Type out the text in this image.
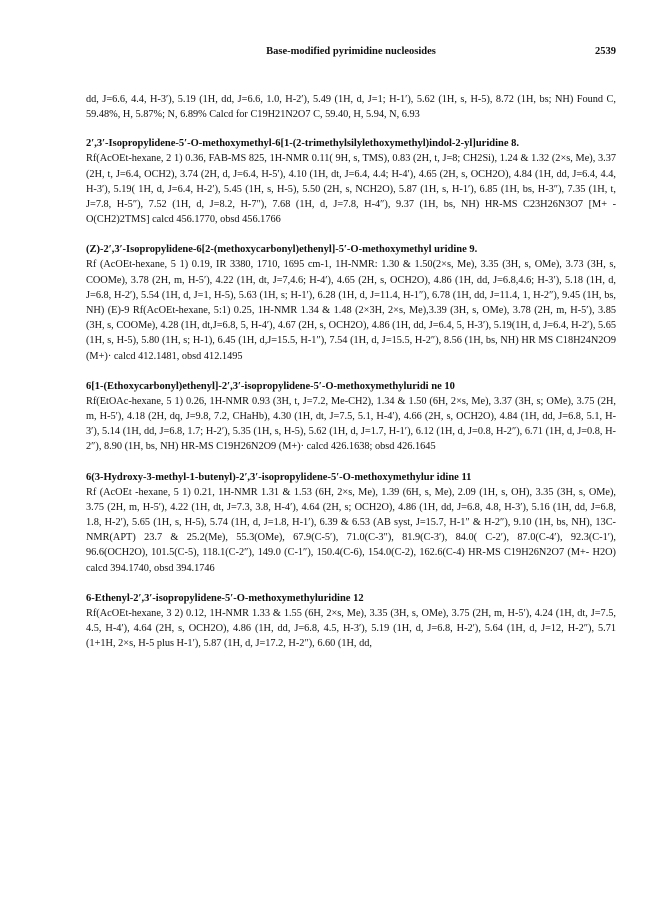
Base-modified pyrimidine nucleosides	2539

dd, J=6.6, 4.4, H-3′), 5.19 (1H, dd, J=6.6, 1.0, H-2′), 5.49 (1H, d, J=1; H-1′), 5.62 (1H, s, H-5), 8.72 (1H, bs; NH) Found C, 59.48%, H, 5.87%; N, 6.89% Calcd for C19H21N2O7 C, 59.40, H, 5.94, N, 6.93

2′,3′-Isopropylidene-5′-O-methoxymethyl-6[1-(2-trimethylsilylethoxymethyl)indol-2-yl]uridine 8.

Rf(AcOEt-hexane, 2 1) 0.36, FAB-MS 825, 1H-NMR 0.11( 9H, s, TMS), 0.83 (2H, t, J=8; CH2Si), 1.24 & 1.32 (2×s, Me), 3.37 (2H, t, J=6.4, OCH2), 3.74 (2H, d, J=6.4, H-5′), 4.10 (1H, dt, J=6.4, 4.4; H-4′), 4.65 (2H, s, OCH2O), 4.84 (1H, dd, J=6.4, 4.4, H-3′), 5.19( 1H, d, J=6.4, H-2′), 5.45 (1H, s, H-5), 5.50 (2H, s, NCH2O), 5.87 (1H, s, H-1′), 6.85 (1H, bs, H-3″), 7.35 (1H, t, J=7.8, H-5″), 7.52 (1H, d, J=8.2, H-7″), 7.68 (1H, d, J=7.8, H-4″), 9.37 (1H, bs, NH) HR-MS C23H26N3O7 [M+ - O(CH2)2TMS] calcd 456.1770, obsd 456.1766

(Z)-2′,3′-Isopropylidene-6[2-(methoxycarbonyl)ethenyl]-5′-O-methoxymethyl uridine 9.

Rf (AcOEt-hexane, 5 1) 0.19, IR 3380, 1710, 1695 cm-1, 1H-NMR: 1.30 & 1.50(2×s, Me), 3.35 (3H, s, OMe), 3.73 (3H, s, COOMe), 3.78 (2H, m, H-5′), 4.22 (1H, dt, J=7,4.6; H-4′), 4.65 (2H, s, OCH2O), 4.86 (1H, dd, J=6.8,4.6; H-3′), 5.18 (1H, d, J=6.8, H-2′), 5.54 (1H, d, J=1, H-5), 5.63 (1H, s; H-1′), 6.28 (1H, d, J=11.4, H-1″), 6.78 (1H, dd, J=11.4, 1, H-2″), 9.45 (1H, bs, NH) (E)-9 Rf(AcOEt-hexane, 5:1) 0.25, 1H-NMR 1.34 & 1.48 (2×3H, 2×s, Me),3.39 (3H, s, OMe), 3.78 (2H, m, H-5′), 3.85 (3H, s, COOMe), 4.28 (1H, dt,J=6.8, 5, H-4′), 4.67 (2H, s, OCH2O), 4.86 (1H, dd, J=6.4, 5, H-3′), 5.19(1H, d, J=6.4, H-2′), 5.65 (1H, s, H-5), 5.80 (1H, s; H-1), 6.45 (1H, d,J=15.5, H-1″), 7.54 (1H, d, J=15.5, H-2″), 8.56 (1H, bs, NH) HR MS C18H24N2O9 (M+)· calcd 412.1481, obsd 412.1495

6[1-(Ethoxycarbonyl)ethenyl]-2′,3′-isopropylidene-5′-O-methoxymethyluridi ne 10

Rf(EtOAc-hexane, 5 1) 0.26, 1H-NMR 0.93 (3H, t, J=7.2, Me-CH2), 1.34 & 1.50 (6H, 2×s, Me), 3.37 (3H, s; OMe), 3.75 (2H, m, H-5′), 4.18 (2H, dq, J=9.8, 7.2, CHaHb), 4.30 (1H, dt, J=7.5, 5.1, H-4′), 4.66 (2H, s, OCH2O), 4.84 (1H, dd, J=6.8, 5.1, H-3′), 5.14 (1H, dd, J=6.8, 1.7; H-2′), 5.35 (1H, s, H-5), 5.62 (1H, d, J=1.7, H-1′), 6.12 (1H, d, J=0.8, H-2″), 6.71 (1H, d, J=0.8, H-2″), 8.90 (1H, bs, NH) HR-MS C19H26N2O9 (M+)· calcd 426.1638; obsd 426.1645

6(3-Hydroxy-3-methyl-1-butenyl)-2′,3′-isopropylidene-5′-O-methoxymethylur idine 11

Rf (AcOEt -hexane, 5 1) 0.21, 1H-NMR 1.31 & 1.53 (6H, 2×s, Me), 1.39 (6H, s, Me), 2.09 (1H, s, OH), 3.35 (3H, s, OMe), 3.75 (2H, m, H-5′), 4.22 (1H, dt, J=7.3, 3.8, H-4′), 4.64 (2H, s; OCH2O), 4.86 (1H, dd, J=6.8, 4.8, H-3′), 5.16 (1H, dd, J=6.8, 1.8, H-2′), 5.65 (1H, s, H-5), 5.74 (1H, d, J=1.8, H-1′), 6.39 & 6.53 (AB syst, J=15.7, H-1″ & H-2″), 9.10 (1H, bs, NH), 13C-NMR(APT) 23.7 & 25.2(Me), 55.3(OMe), 67.9(C-5′), 71.0(C-3″), 81.9(C-3′), 84.0( C-2′), 87.0(C-4′), 92.3(C-1′), 96.6(OCH2O), 101.5(C-5), 118.1(C-2″), 149.0 (C-1″), 150.4(C-6), 154.0(C-2), 162.6(C-4) HR-MS C19H26N2O7 (M+- H2O) calcd 394.1740, obsd 394.1746

6-Ethenyl-2′,3′-isopropylidene-5′-O-methoxymethyluridine 12

Rf(AcOEt-hexane, 3 2) 0.12, 1H-NMR 1.33 & 1.55 (6H, 2×s, Me), 3.35 (3H, s, OMe), 3.75 (2H, m, H-5′), 4.24 (1H, dt, J=7.5, 4.5, H-4′), 4.64 (2H, s, OCH2O), 4.86 (1H, dd, J=6.8, 4.5, H-3′), 5.19 (1H, d, J=6.8, H-2′), 5.64 (1H, d, J=12, H-2″), 5.71 (1+1H, 2×s, H-5 plus H-1′), 5.87 (1H, d, J=17.2, H-2″), 6.60 (1H, dd,
